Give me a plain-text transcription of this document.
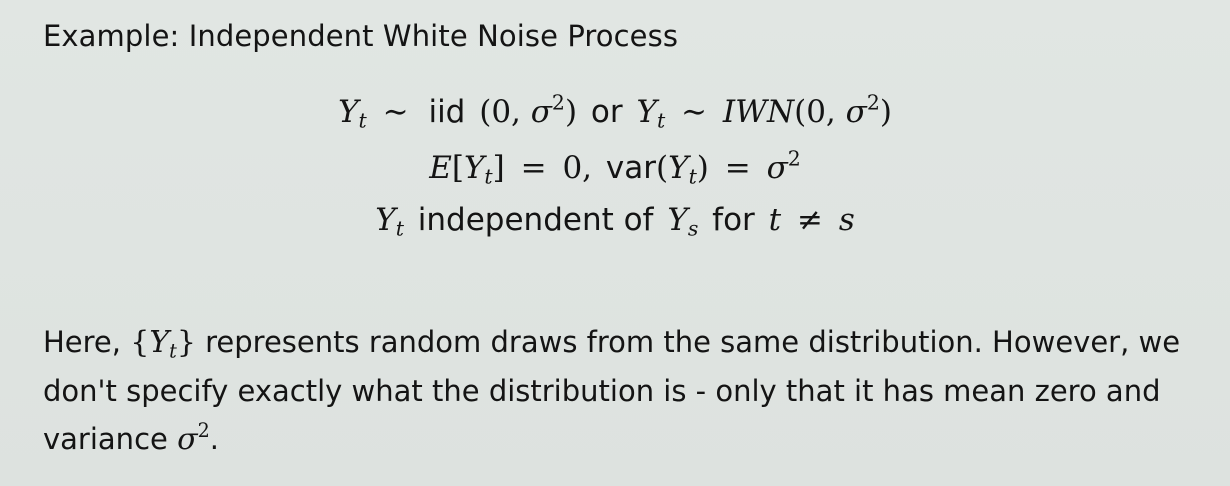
Example: Independent White Noise Process
$Y_t$ ∼ iid (0, $\sigma^2$) or $Y_t$ ∼ IWN(0, $\sigma^2$)
$E[Y_t] = 0$, $var(Y_t) = \sigma^2$
$Y_t$ independent of $Y_s$ for t ≠ s

Here, $\{Y_t\}$ represents random draws from the same distribution. However, we

don't specify exactly what the distribution is - only that it has mean zero and

variance $\sigma^2$.
